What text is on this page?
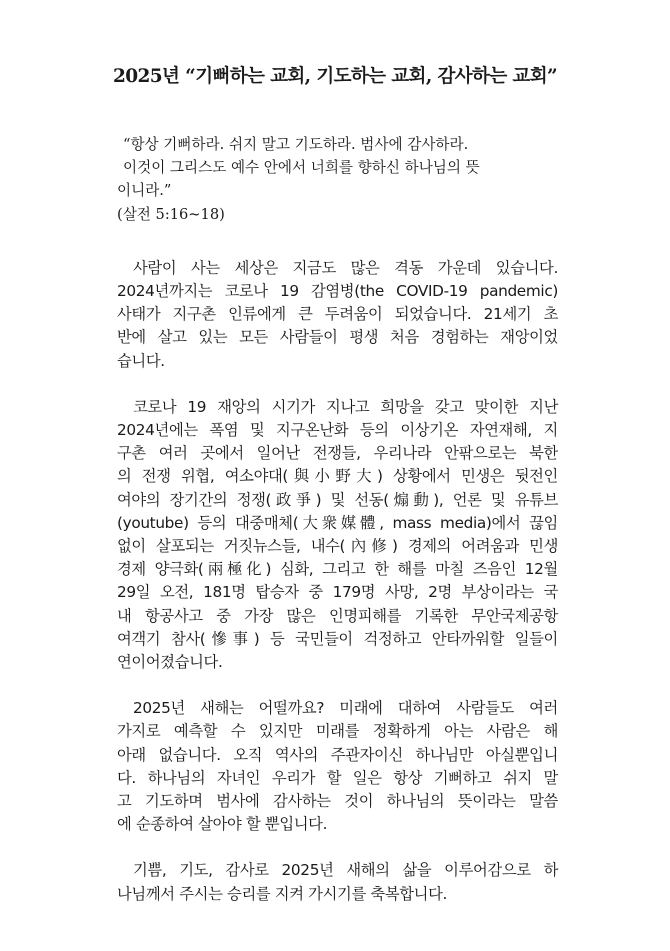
2025년 “기뻐하는 교회, 기도하는 교회, 감사하는 교회”
“항상 기뻐하라. 쉬지 말고 기도하라. 범사에 감사하라.
이것이 그리스도 예수 안에서 너희를 향하신 하나님의 뜻
이니라.”
(살전 5:16~18)

사람이 사는 세상은 지금도 많은 격동 가운데 있습니다.
2024년까지는 코로나 19 감염병(the COVID-19 pandemic)
사태가 지구촌 인류에게 큰 두려움이 되었습니다. 21세기 초
반에 살고 있는 모든 사람들이 평생 처음 경험하는 재앙이었
습니다.

코로나 19 재앙의 시기가 지나고 희망을 갖고 맞이한 지난
2024년에는 폭염 및 지구온난화 등의 이상기온 자연재해, 지
구촌 여러 곳에서 일어난 전쟁들, 우리나라 안팎으로는 북한
의 전쟁 위협, 여소야대(與小野大) 상황에서 민생은 뒷전인
여야의 장기간의 정쟁(政爭) 및 선동(煽動), 언론 및 유튜브
(youtube) 등의 대중매체(大衆媒體, mass media)에서 끊임
없이 살포되는 거짓뉴스들, 내수(內修) 경제의 어려움과 민생
경제 양극화(兩極化) 심화, 그리고 한 해를 마칠 즈음인 12월
29일 오전, 181명 탑승자 중 179명 사망, 2명 부상이라는 국
내 항공사고 중 가장 많은 인명피해를 기록한 무안국제공항
여객기 참사(慘事) 등 국민들이 걱정하고 안타까워할 일들이
연이어졌습니다.

2025년 새해는 어떨까요? 미래에 대하여 사람들도 여러
가지로 예측할 수 있지만 미래를 정확하게 아는 사람은 해
아래 없습니다. 오직 역사의 주관자이신 하나님만 아실뿐입니
다. 하나님의 자녀인 우리가 할 일은 항상 기뻐하고 쉬지 말
고 기도하며 범사에 감사하는 것이 하나님의 뜻이라는 말씀
에 순종하여 살아야 할 뿐입니다.

기쁨, 기도, 감사로 2025년 새해의 삶을 이루어감으로 하
나님께서 주시는 승리를 지켜 가시기를 축복합니다.
